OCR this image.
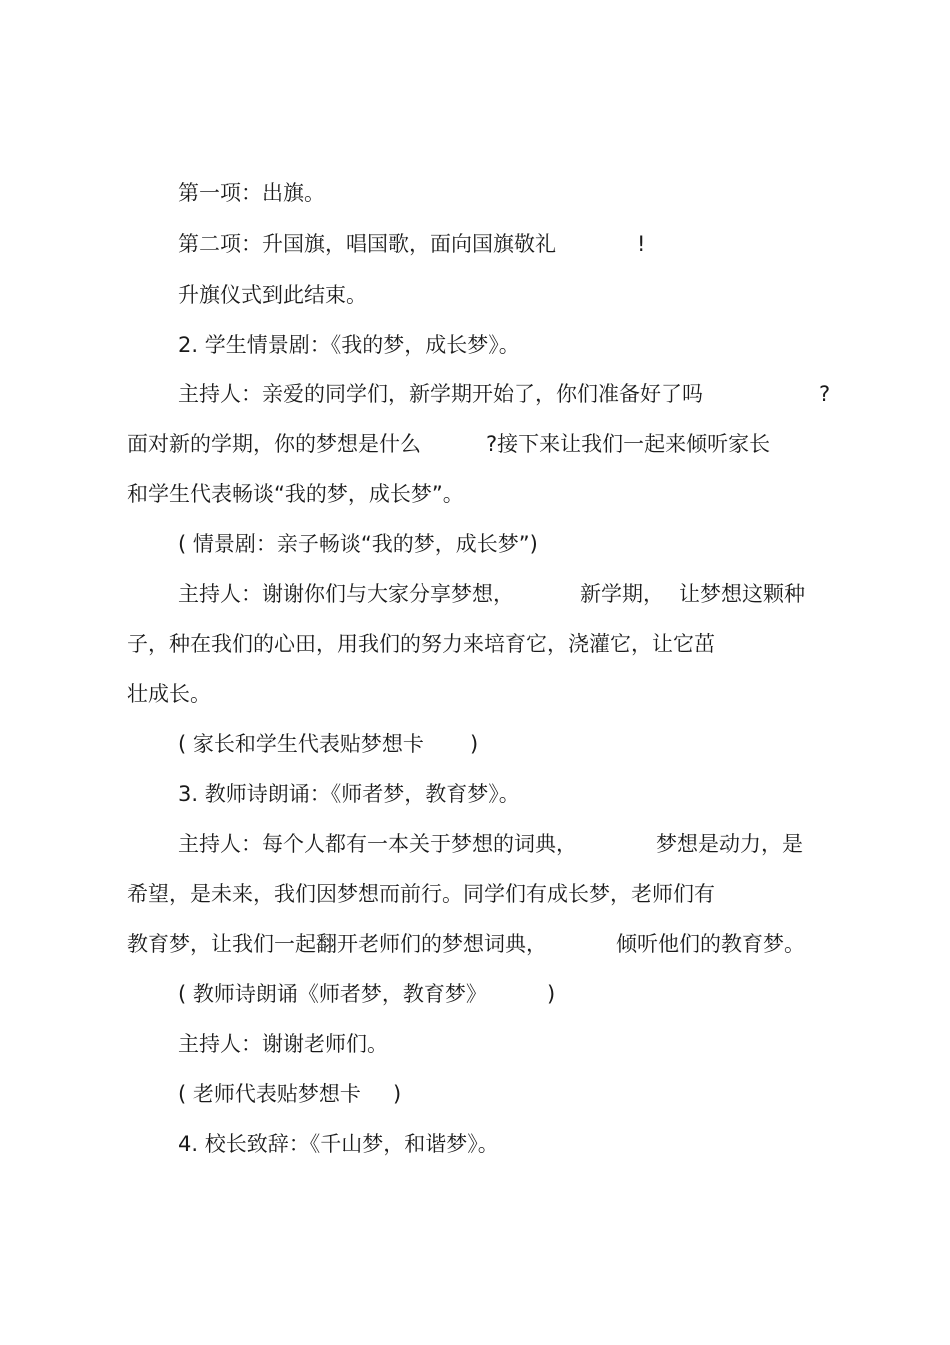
第一项：出旗。
第二项：升国旗，唱国歌，面向国旗敬礼	!
升旗仪式到此结束。
2. 学生情景剧：《我的梦，成长梦》。
主持人：亲爱的同学们，新学期开始了，你们准备好了吗	?
面对新的学期，你的梦想是什么	?接下来让我们一起来倾听家长
和学生代表畅谈“我的梦，成长梦”。
( 情景剧：亲子畅谈“我的梦，成长梦”)
主持人：谢谢你们与大家分享梦想，	新学期， 让梦想这颗种
子，种在我们的心田，用我们的努力来培育它，浇灌它，让它茁
壮成长。
( 家长和学生代表贴梦想卡 )
3. 教师诗朗诵：《师者梦，教育梦》。
主持人：每个人都有一本关于梦想的词典，	梦想是动力，是
希望，是未来，我们因梦想而前行。同学们有成长梦，老师们有
教育梦，让我们一起翻开老师们的梦想词典，	倾听他们的教育梦。
( 教师诗朗诵《师者梦，教育梦》	)
主持人：谢谢老师们。
( 老师代表贴梦想卡 )
4. 校长致辞：《千山梦，和谐梦》。
